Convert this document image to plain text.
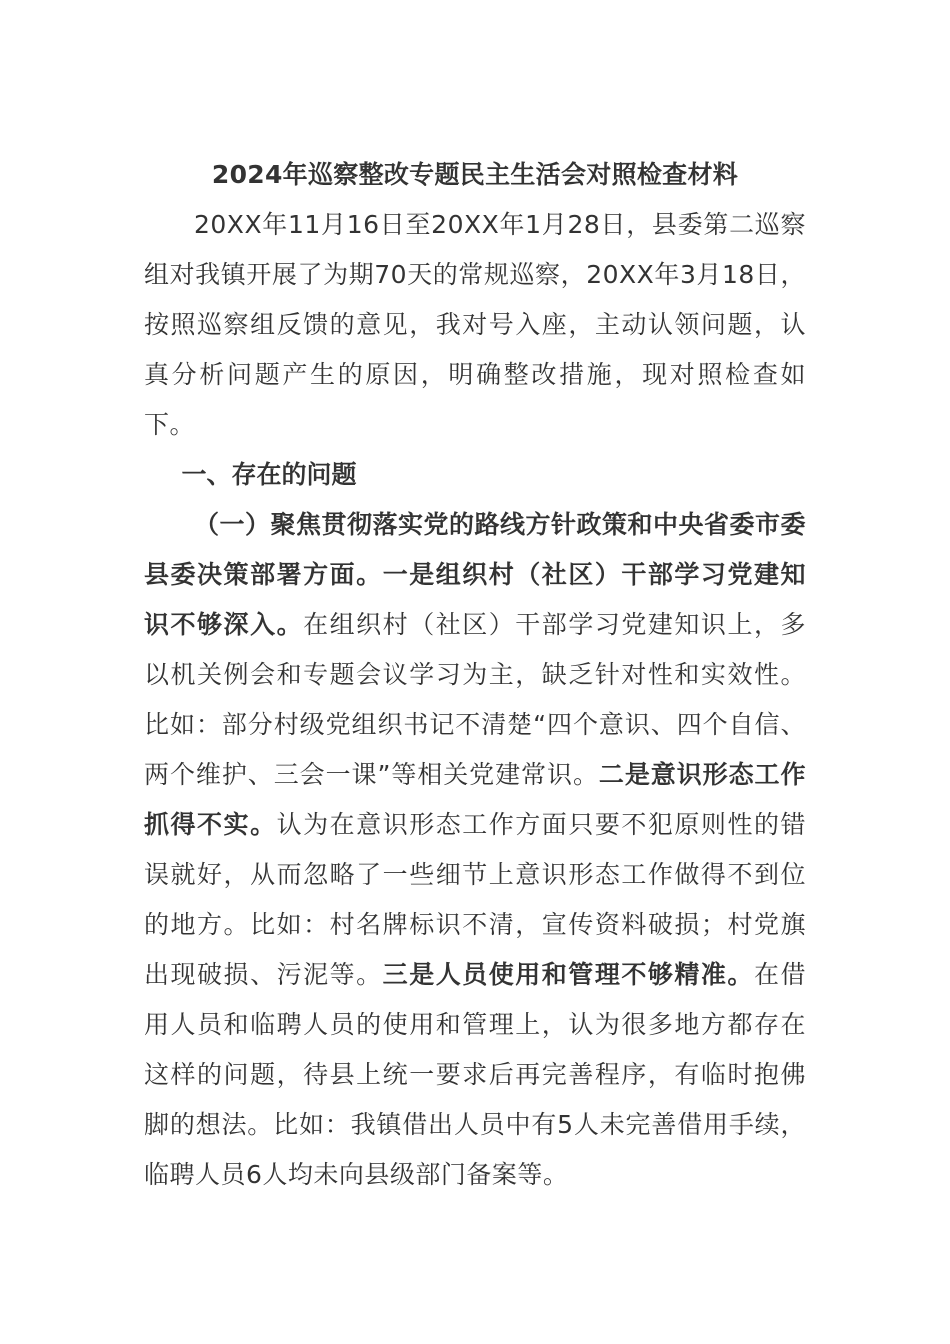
2024年巡察整改专题民主生活会对照检查材料

20XX年11月16日至20XX年1月28日，县委第二巡察组对我镇开展了为期70天的常规巡察，20XX年3月18日，按照巡察组反馈的意见，我对号入座，主动认领问题，认真分析问题产生的原因，明确整改措施，现对照检查如下。

一、存在的问题

（一）聚焦贯彻落实党的路线方针政策和中央省委市委县委决策部署方面。一是组织村（社区）干部学习党建知识不够深入。在组织村（社区）干部学习党建知识上，多以机关例会和专题会议学习为主，缺乏针对性和实效性。比如：部分村级党组织书记不清楚“四个意识、四个自信、两个维护、三会一课”等相关党建常识。二是意识形态工作抓得不实。认为在意识形态工作方面只要不犯原则性的错误就好，从而忽略了一些细节上意识形态工作做得不到位的地方。比如：村名牌标识不清，宣传资料破损；村党旗出现破损、污泥等。三是人员使用和管理不够精准。在借用人员和临聘人员的使用和管理上，认为很多地方都存在这样的问题，待县上统一要求后再完善程序，有临时抱佛脚的想法。比如：我镇借出人员中有5人未完善借用手续，临聘人员6人均未向县级部门备案等。
